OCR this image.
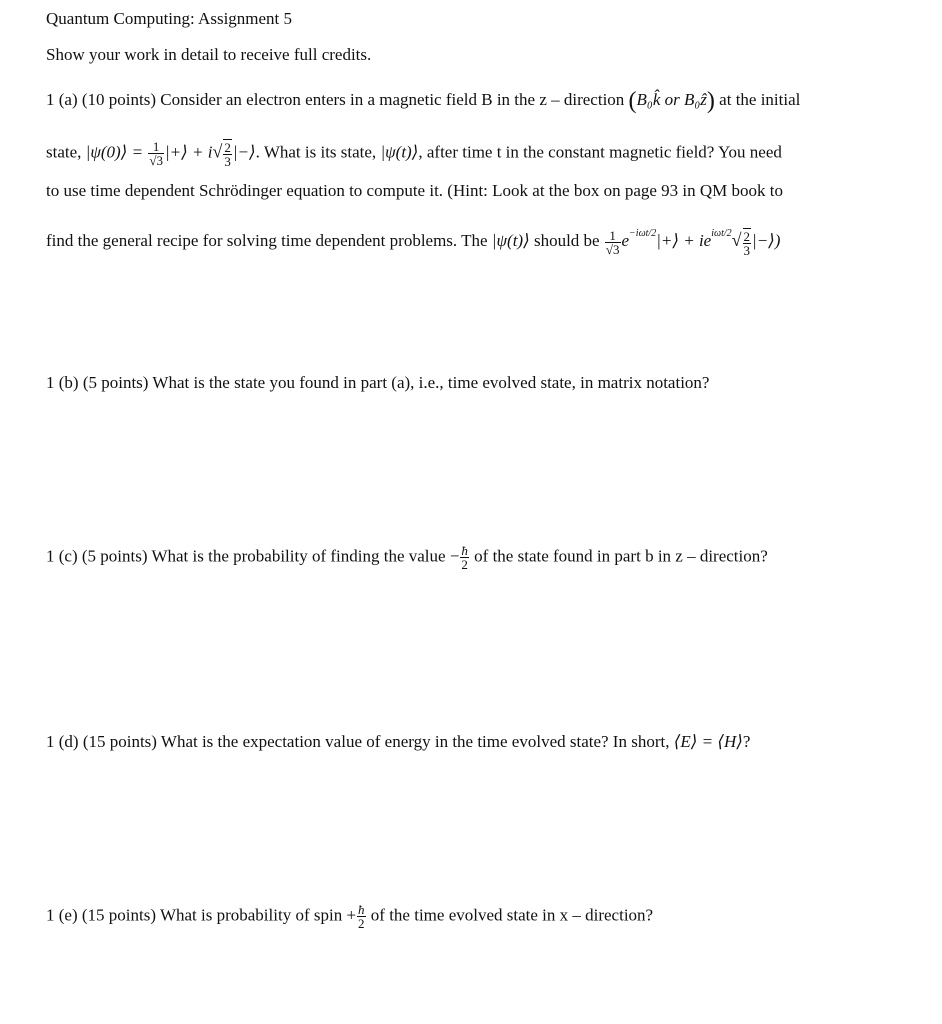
Quantum Computing: Assignment 5
Show your work in detail to receive full credits.
1 (a) (10 points) Consider an electron enters in a magnetic field B in the z – direction (B₀k̂ or B₀ẑ) at the initial
state, |ψ(0)⟩ = $\frac{1}{√3}$ |+⟩ + $i√ \frac{2}{3}$ |−⟩. What is its state, |ψ(t)⟩, after time t in the constant magnetic field? You need
to use time dependent Schrödinger equation to compute it. (Hint: Look at the box on page 93 in QM book to
find the general recipe for solving time dependent problems. The |ψ(t)⟩ should be $\frac{1}{√3}$ $e^{-i\omega t/2}|+⟩ + ie^{i\omega t/2}√ \frac{2}{3}$ |−⟩)
1 (b) (5 points) What is the state you found in part (a), i.e., time evolved state, in matrix notation?
1 (c) (5 points) What is the probability of finding the value − $\frac{ħ}{2}$ of the state found in part b in z – direction?
1 (d) (15 points) What is the expectation value of energy in the time evolved state? In short, ⟨E⟩ = ⟨H⟩?
1 (e) (15 points) What is probability of spin + $\frac{ħ}{2}$ of the time evolved state in x – direction?
